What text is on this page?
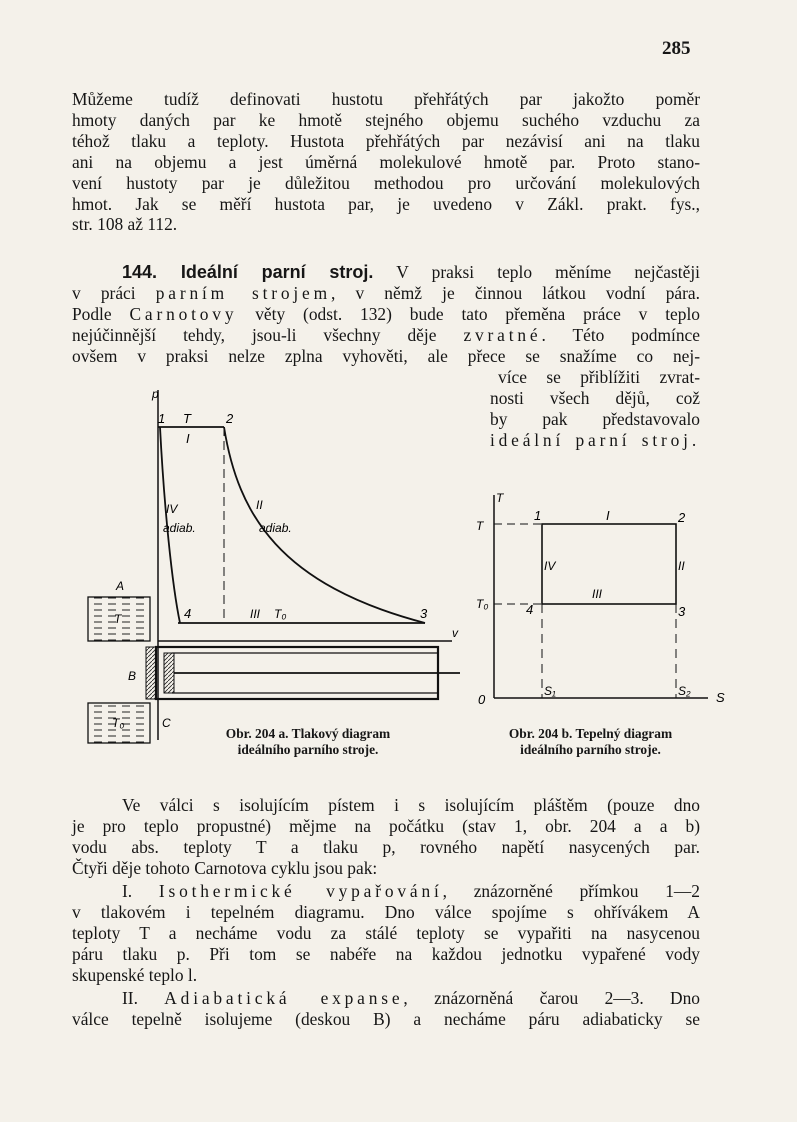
285
Můžeme tudíž definovati hustotu přehřátých par jakožto poměr
hmoty daných par ke hmotě stejného objemu suchého vzduchu za
téhož tlaku a teploty. Hustota přehřátých par nezávisí ani na tlaku
ani na objemu a jest úměrná molekulové hmotě par. Proto stano-
vení hustoty par je důležitou methodou pro určování molekulových
hmot. Jak se měří hustota par, je uvedeno v Zákl. prakt. fys.,
str. 108 až 112.
144. Ideální parní stroj. V praksi teplo měníme nejčastěji
v práci parním strojem, v němž je činnou látkou vodní pára.
Podle Carnotovy věty (odst. 132) bude tato přeměna práce v teplo
nejúčinnější tehdy, jsou-li všechny děje zvratné. Této podmínce
ovšem v praksi nelze zplna vyhověti, ale přece se snažíme co nej-
více se přiblížiti zvrat-
nosti všech dějů, což
by pak představovalo
ideální parní stroj.
p
v
1 T	2
I
IV
adiab.
II
adiab.
4	III T₀	3
A
T
B
C
T₀
Obr. 204 a. Tlakový diagram
ideálního parního stroje.
T
S
0
T
T₀
1	2
3
4
I
II
III
IV
S₁	S₂
Obr. 204 b. Tepelný diagram
ideálního parního stroje.
Ve válci s isolujícím pístem i s isolujícím pláštěm (pouze dno
je pro teplo propustné) mějme na počátku (stav 1, obr. 204 a a b)
vodu abs. teploty T a tlaku p, rovného napětí nasycených par.
Čtyři děje tohoto Carnotova cyklu jsou pak:
I. Isothermické vypařování, znázorněné přímkou 1—2
v tlakovém i tepelném diagramu. Dno válce spojíme s ohřívákem A
teploty T a necháme vodu za stálé teploty se vypařiti na nasycenou
páru tlaku p. Při tom se nabéře na každou jednotku vypařené vody
skupenské teplo l.
II. Adiabatická expanse, znázorněná čarou 2—3. Dno
válce tepelně isolujeme (deskou B) a necháme páru adiabaticky se
